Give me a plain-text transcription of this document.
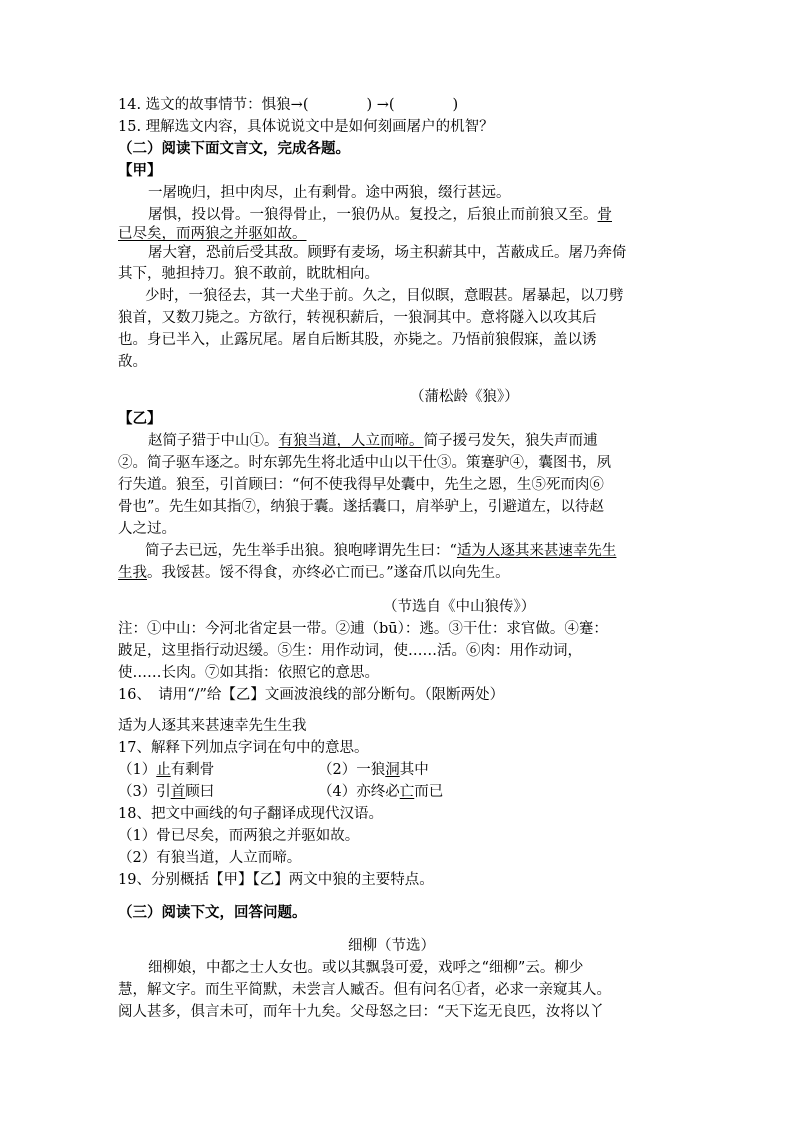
14. 选文的故事情节：惧狼→(　　　　) →(　　　　)
15. 理解选文内容，具体说说文中是如何刻画屠户的机智？
（二）阅读下面文言文，完成各题。
【甲】
一屠晚归，担中肉尽，止有剩骨。途中两狼，缀行甚远。
屠惧，投以骨。一狼得骨止，一狼仍从。复投之，后狼止而前狼又至。骨
已尽矣，而两狼之并驱如故。
屠大窘，恐前后受其敌。顾野有麦场，场主积薪其中，苫蔽成丘。屠乃奔倚
其下，驰担持刀。狼不敢前，眈眈相向。
少时，一狼径去，其一犬坐于前。久之，目似瞑，意暇甚。屠暴起，以刀劈
狼首，又数刀毙之。方欲行，转视积薪后，一狼洞其中。意将隧入以攻其后
也。身已半入，止露尻尾。屠自后断其股，亦毙之。乃悟前狼假寐，盖以诱
敌。
（蒲松龄《狼》）
【乙】
赵简子猎于中山①。有狼当道，人立而啼。简子援弓发矢，狼失声而逋
②。简子驱车逐之。时东郭先生将北适中山以干仕③。策蹇驴④，囊图书，夙
行失道。狼至，引首顾曰：“何不使我得早处囊中，先生之恩，生⑤死而肉⑥
骨也”。先生如其指⑦，纳狼于囊。遂括囊口，肩举驴上，引避道左，以待赵
人之过。
简子去已远，先生举手出狼。狼咆哮谓先生曰：“适为人逐其来甚速幸先生
生我。我馁甚。馁不得食，亦终必亡而已。”遂奋爪以向先生。
（节选自《中山狼传》）
注：①中山：今河北省定县一带。②逋（bū）：逃。③干仕：求官做。④蹇：
跛足，这里指行动迟缓。⑤生：用作动词，使……活。⑥肉：用作动词，
使……长肉。⑦如其指：依照它的意思。
16、　请用“/”给【乙】文画波浪线的部分断句。（限断两处）
适为人逐其来甚速幸先生生我
17、解释下列加点字词在句中的意思。
（1）止有剩骨	（2）一狼洞其中
（3）引首顾曰	（4）亦终必亡而已
18、把文中画线的句子翻译成现代汉语。
（1）骨已尽矣，而两狼之并驱如故。
（2）有狼当道，人立而啼。
19、分别概括【甲】【乙】两文中狼的主要特点。
（三）阅读下文，回答问题。
细柳（节选）
细柳娘，中都之士人女也。或以其飘袅可爱，戏呼之“细柳”云。柳少
慧，解文字。而生平简默，未尝言人臧否。但有问名①者，必求一亲窥其人。
阅人甚多，俱言未可，而年十九矣。父母怒之曰：“天下迄无良匹，汝将以丫
